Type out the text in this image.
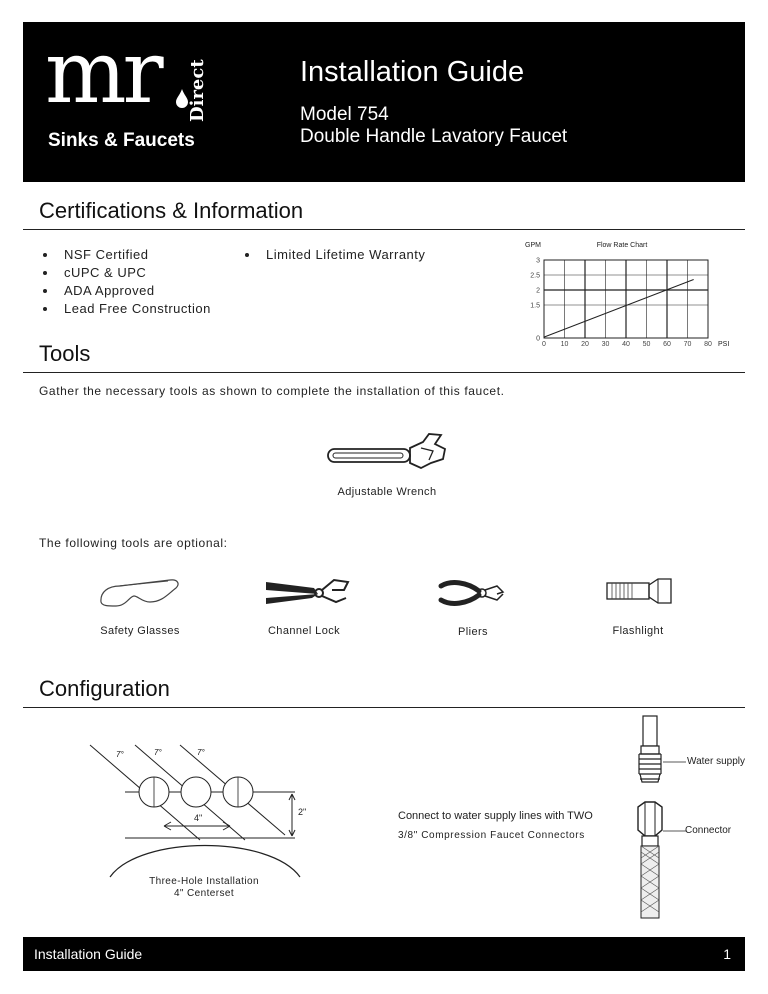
mr Direct
Sinks & Faucets
Installation Guide
Model 754
Double Handle Lavatory Faucet
Certifications & Information
• NSF Certified
• cUPC & UPC
• ADA Approved
• Lead Free Construction
• Limited Lifetime Warranty
GPM	Flow Rate Chart
PSI
0 10 20 30 40 50 60 70 80
0
1.5
2
2.5
3
Tools
Gather the necessary tools as shown to complete the installation of this faucet.
Adjustable Wrench
The following tools are optional:
Safety Glasses	Channel Lock	Pliers	Flashlight
Configuration
7°	7°	7°
4"
2"
Three-Hole Installation
4" Centerset
Connect to water supply lines with TWO
3/8" Compression Faucet Connectors
Water supply
Connector
Installation Guide	1
